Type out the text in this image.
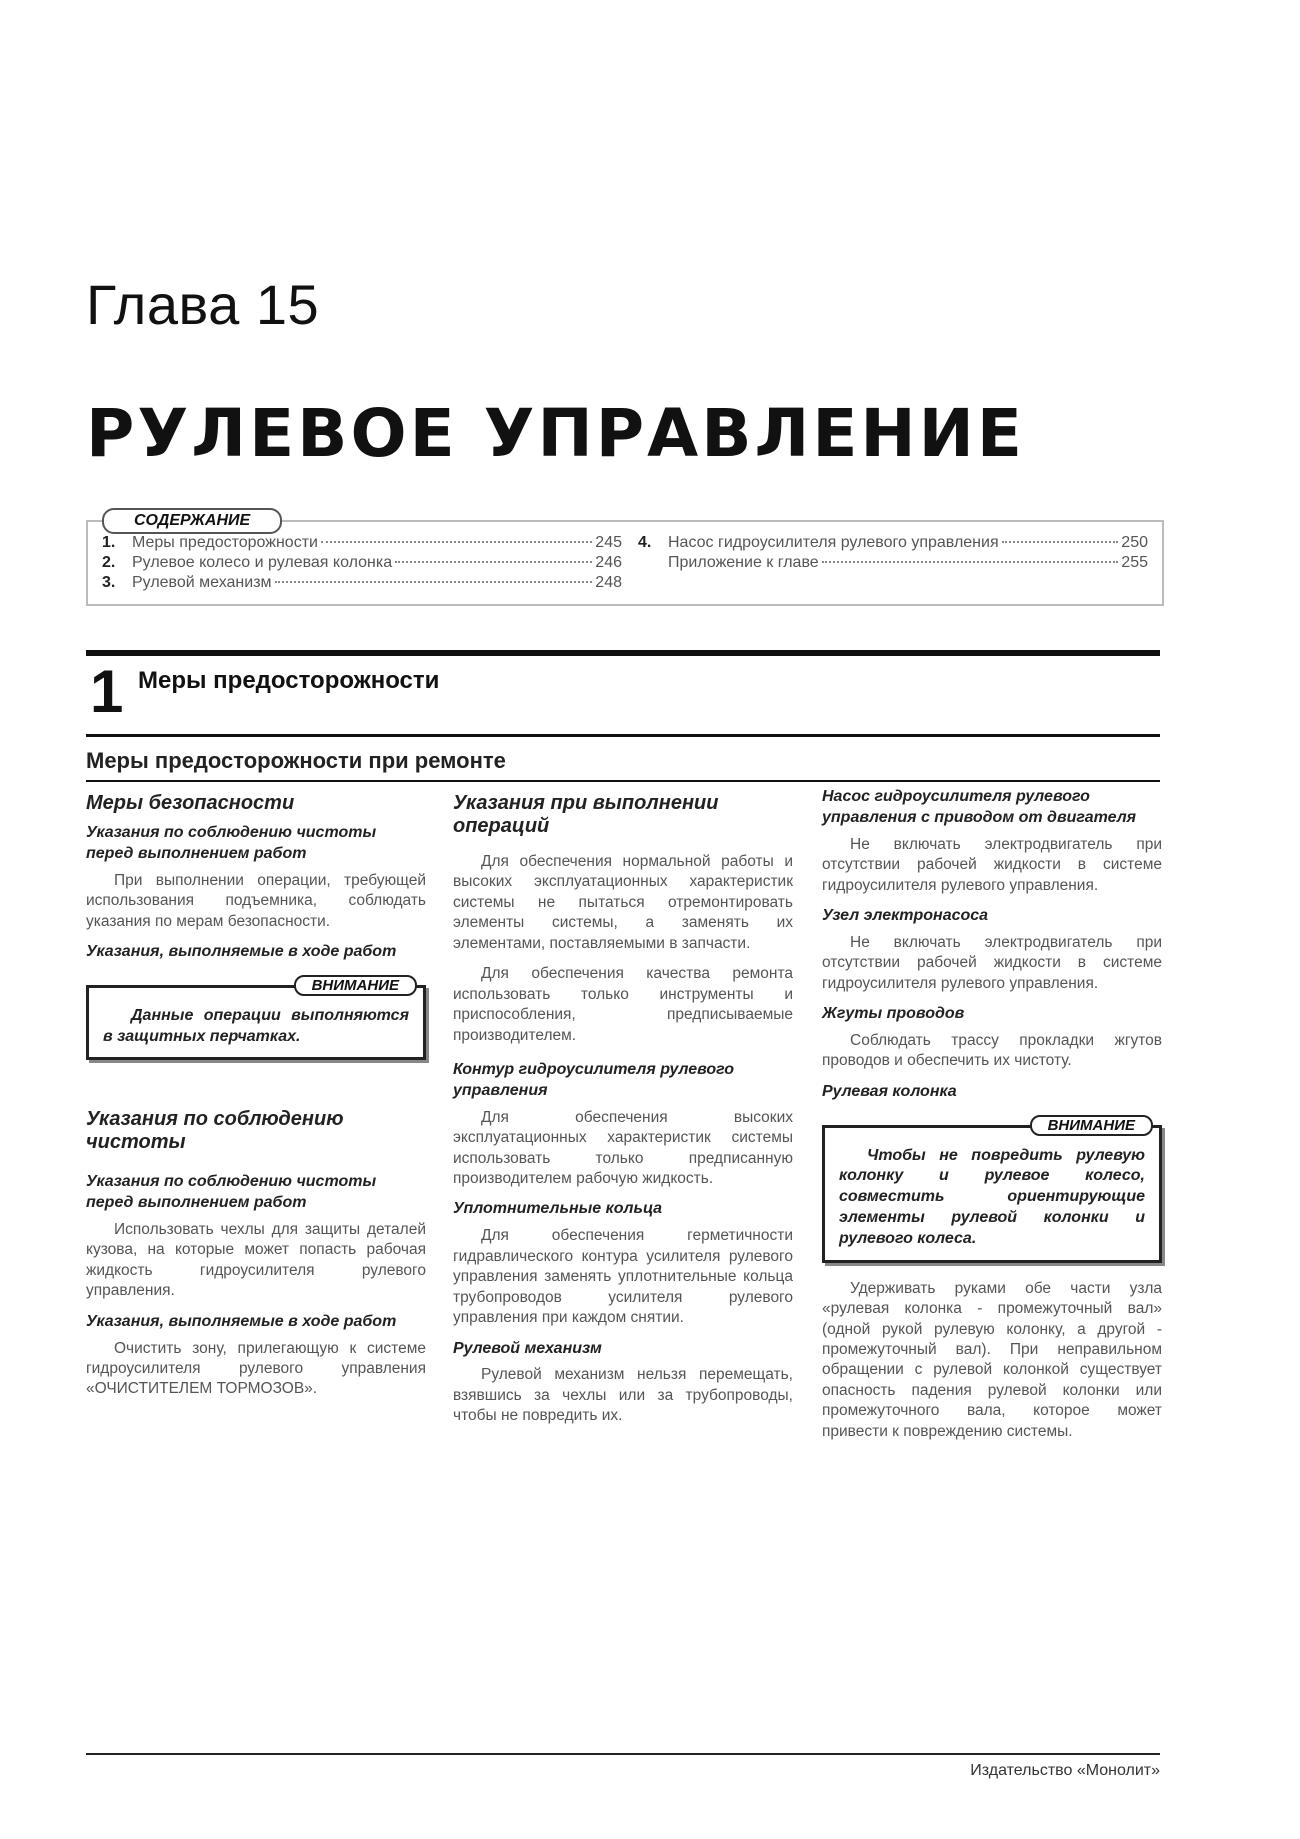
Глава 15
РУЛЕВОЕ УПРАВЛЕНИЕ
СОДЕРЖАНИЕ
1.	Меры предосторожности	245
2.	Рулевое колесо и рулевая колонка	246
3.	Рулевой механизм	248
4.	Насос гидроусилителя рулевого управления	250
Приложение к главе	255
1 Меры предосторожности
Меры предосторожности при ремонте
Меры безопасности
Указания по соблюдению чистоты перед выполнением работ

При выполнении операции, требующей использования подъемника, соблюдать указания по мерам безопасности.

Указания, выполняемые в ходе работ
ВНИМАНИЕ
Данные операции выполняются в защитных перчатках.
Указания по соблюдению чистоты
Указания по соблюдению чистоты перед выполнением работ

Использовать чехлы для защиты деталей кузова, на которые может попасть рабочая жидкость гидроусилителя рулевого управления.

Указания, выполняемые в ходе работ

Очистить зону, прилегающую к системе гидроусилителя рулевого управления «ОЧИСТИТЕЛЕМ ТОРМОЗОВ».

Указания при выполнении операций

Для обеспечения нормальной работы и высоких эксплуатационных характеристик системы не пытаться отремонтировать элементы системы, а заменять их элементами, поставляемыми в запчасти.

Для обеспечения качества ремонта использовать только инструменты и приспособления, предписываемые производителем.

Контур гидроусилителя рулевого управления

Для обеспечения высоких эксплуатационных характеристик системы использовать только предписанную производителем рабочую жидкость.

Уплотнительные кольца

Для обеспечения герметичности гидравлического контура усилителя рулевого управления заменять уплотнительные кольца трубопроводов усилителя рулевого управления при каждом снятии.

Рулевой механизм

Рулевой механизм нельзя перемещать, взявшись за чехлы или за трубопроводы, чтобы не повредить их.

Насос гидроусилителя рулевого управления с приводом от двигателя

Не включать электродвигатель при отсутствии рабочей жидкости в системе гидроусилителя рулевого управления.

Узел электронасоса

Не включать электродвигатель при отсутствии рабочей жидкости в системе гидроусилителя рулевого управления.

Жгуты проводов

Соблюдать трассу прокладки жгутов проводов и обеспечить их чистоту.

Рулевая колонка
ВНИМАНИЕ
Чтобы не повредить рулевую колонку и рулевое колесо, совместить ориентирующие элементы рулевой колонки и рулевого колеса.

Удерживать руками обе части узла «рулевая колонка - промежуточный вал» (одной рукой рулевую колонку, а другой - промежуточный вал). При неправильном обращении с рулевой колонкой существует опасность падения рулевой колонки или промежуточного вала, которое может привести к повреждению системы.

Издательство «Монолит»
